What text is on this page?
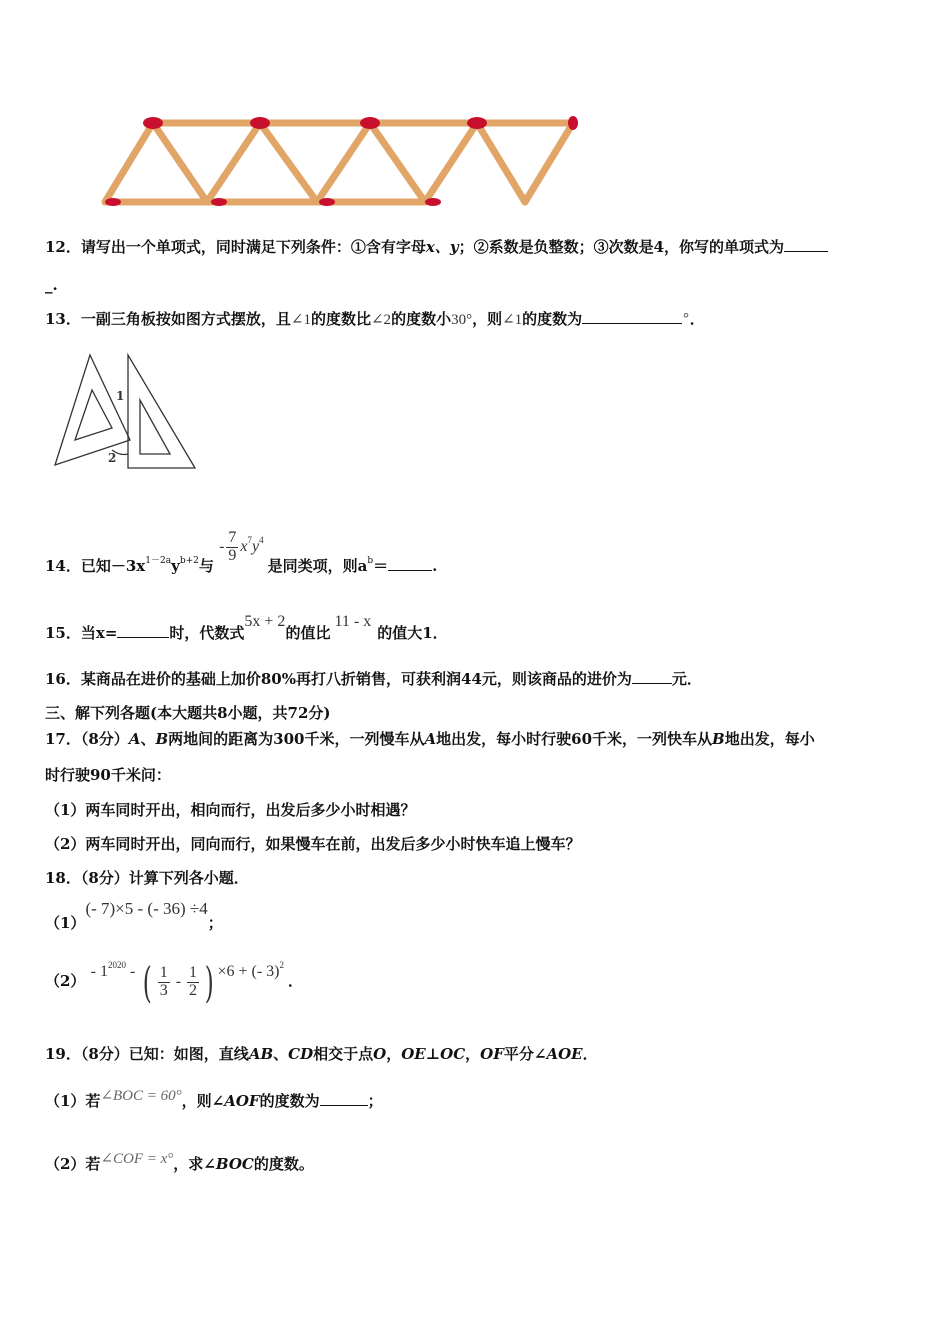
12．请写出一个单项式，同时满足下列条件：①含有字母x、y；②系数是负整数；③次数是4，你写的单项式为
_.
13．一副三角板按如图方式摆放，且∠1的度数比∠2的度数小30°，则∠1的度数为	°．
1
2
14．已知$-3x^{1-2a}y^{b+2}$与 - $\frac{7}{9} x^7y^4$ 是同类项，则$a^b=$	.
15．当x=	时，代数式5x + 2的值比11 - x的值大1．
16．某商品在进价的基础上加价80%再打八折销售，可获利润44元，则该商品的进价为	元．
三、解下列各题(本大题共8小题，共72分)
17．（8分）A、B两地间的距离为300千米，一列慢车从A地出发，每小时行驶60千米，一列快车从B地出发，每小
时行驶90千米问：
（1）两车同时开出，相向而行，出发后多少小时相遇？
（2）两车同时开出，同向而行，如果慢车在前，出发后多少小时快车追上慢车？
18．（8分）计算下列各小题．
（1）(- 7)×5 - (- 36) ÷4；
$(2) - 1^{2020}$ - ( $\frac{1}{3} - \frac{1}{2}$ ) ×6 + (- 3)$^2$ ．
19．（8分）已知：如图，直线AB、CD相交于点O，OE⊥OC，OF平分∠AOE．
（1）若∠BOC = 60°，则∠AOF的度数为	；
（2）若∠COF = x°，求∠BOC的度数。
